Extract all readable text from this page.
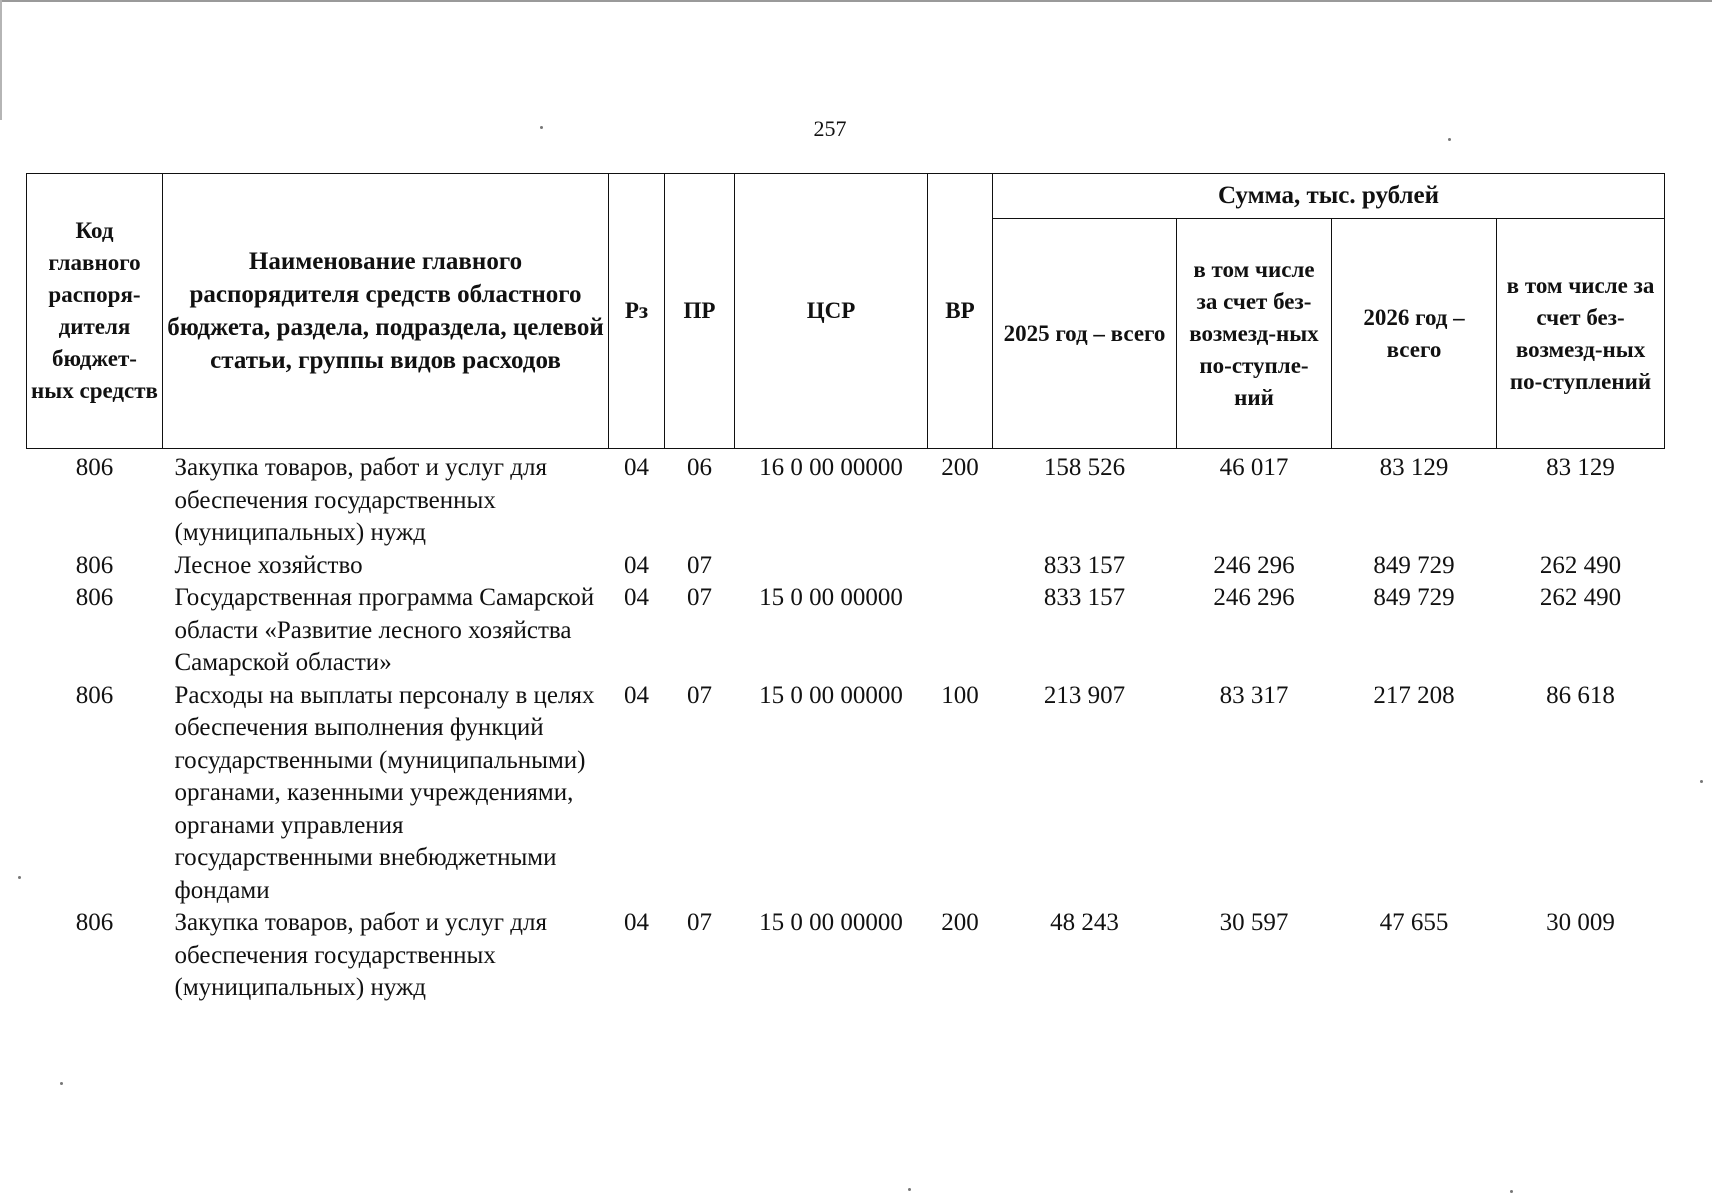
257
Код главного распоря-дителя бюджет-ных средств	Наименование главного распорядителя средств областного бюджета, раздела, подраздела, целевой статьи, группы видов расходов	Рз	ПР	ЦСР	ВР	Сумма, тыс. рублей			
						2025 год – всего	в том числе за счет без-возмезд-ных по-ступле-ний	2026 год – всего	в том числе за счет без-возмезд-ных по-ступлений
806	Закупка товаров, работ и услуг для обеспечения государственных (муниципальных) нужд	04	06	16 0 00 00000	200	158 526	46 017	83 129	83 129
806	Лесное хозяйство	04	07			833 157	246 296	849 729	262 490
806	Государственная программа Самарской области «Развитие лесного хозяйства Самарской области»	04	07	15 0 00 00000		833 157	246 296	849 729	262 490
806	Расходы на выплаты персоналу в целях обеспечения выполнения функций государственными (муниципальными) органами, казенными учреждениями, органами управления государственными внебюджетными фондами	04	07	15 0 00 00000	100	213 907	83 317	217 208	86 618
806	Закупка товаров, работ и услуг для обеспечения государственных (муниципальных) нужд	04	07	15 0 00 00000	200	48 243	30 597	47 655	30 009
